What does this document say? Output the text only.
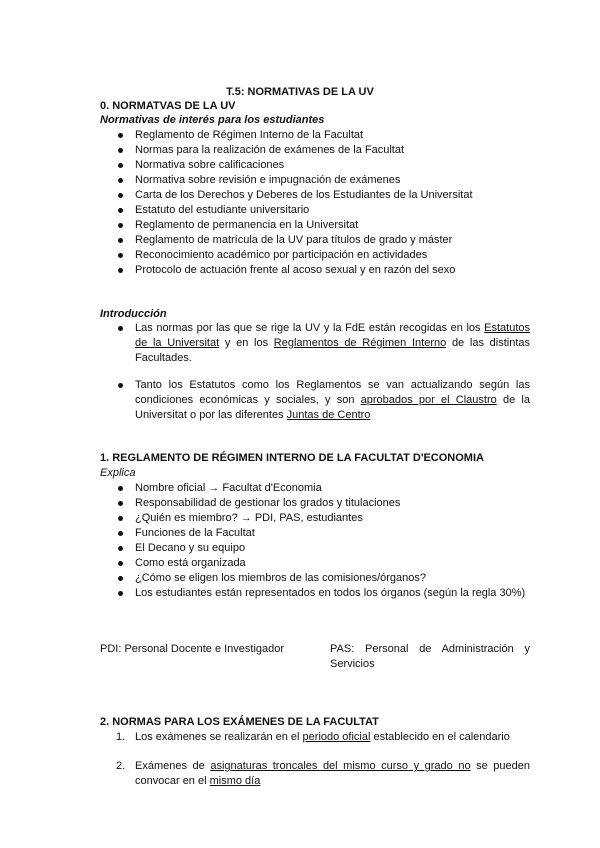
T.5: NORMATIVAS DE LA UV
0. NORMATVAS DE LA UV
Normativas de interés para los estudiantes
Reglamento de Régimen Interno de la Facultat
Normas para la realización de exámenes de la Facultat
Normativa sobre calificaciones
Normativa sobre revisión e impugnación de exámenes
Carta de los Derechos y Deberes de los Estudiantes de la Universitat
Estatuto del estudiante universitario
Reglamento de permanencia en la Universitat
Reglamento de matrícula de la UV para títulos de grado y máster
Reconocimiento académico por participación en actividades
Protocolo de actuación frente al acoso sexual y en razón del sexo
Introducción
Las normas por las que se rige la UV y la FdE están recogidas en los Estatutos de la Universitat y en los Reglamentos de Régimen Interno de las distintas Facultades.
Tanto los Estatutos como los Reglamentos se van actualizando según las condiciones económicas y sociales, y son aprobados por el Claustro de la Universitat o por las diferentes Juntas de Centro
1. REGLAMENTO DE RÉGIMEN INTERNO DE LA FACULTAT D'ECONOMIA
Explica
Nombre oficial → Facultat d'Economia
Responsabilidad de gestionar los grados y titulaciones
¿Quién es miembro? → PDI, PAS, estudiantes
Funciones de la Facultat
El Decano y su equipo
Como está organizada
¿Cómo se eligen los miembros de las comisiones/órganos?
Los estudiantes están representados en todos los órganos (según la regla 30%)
PDI: Personal Docente e Investigador	PAS: Personal de Administración y Servicios
2. NORMAS PARA LOS EXÁMENES DE LA FACULTAT
1. Los exámenes se realizarán en el periodo oficial establecido en el calendario
2. Exámenes de asignaturas troncales del mismo curso y grado no se pueden convocar en el mismo día
